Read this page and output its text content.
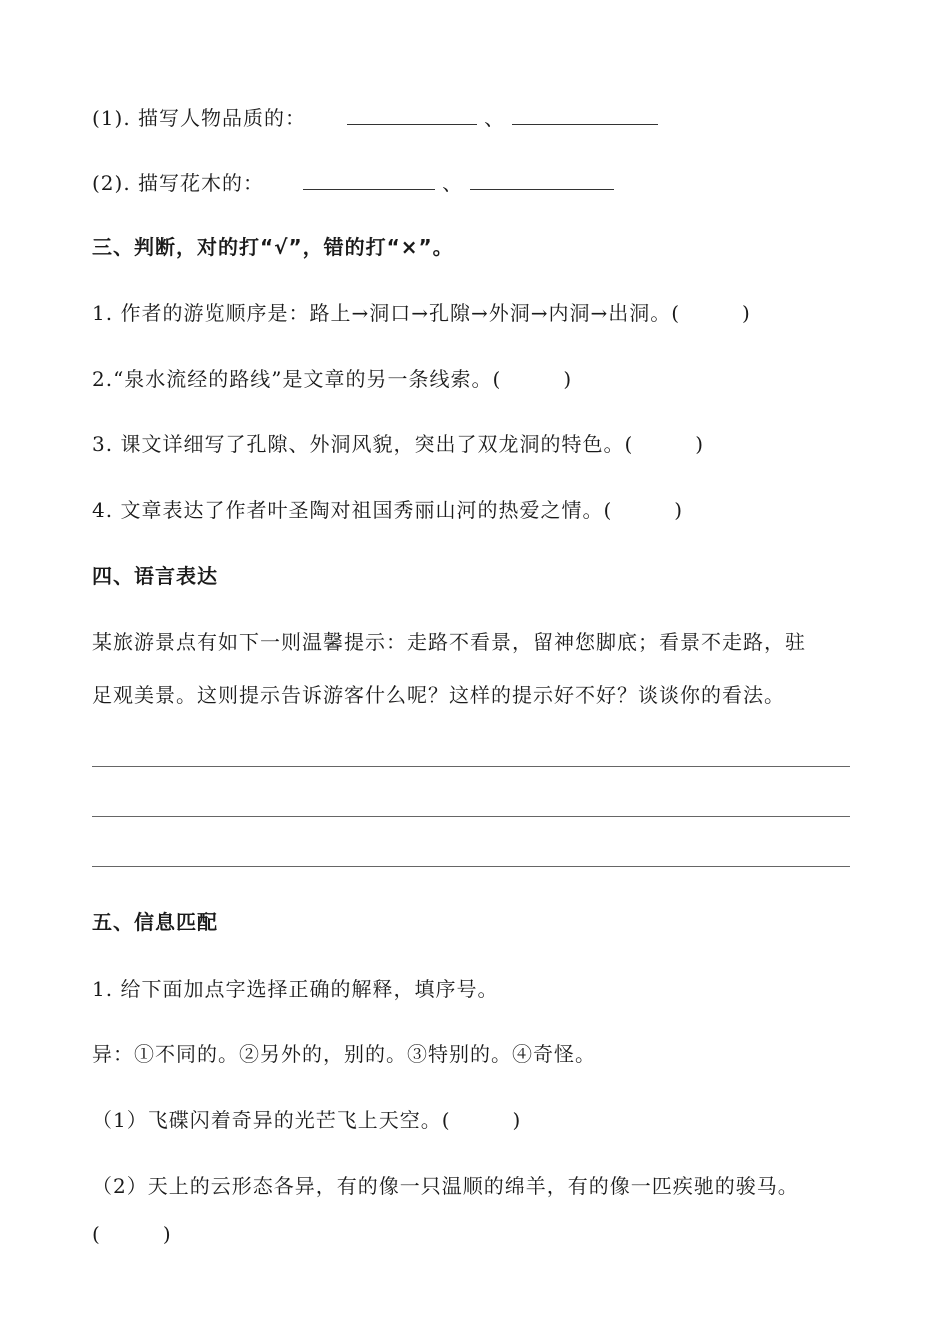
(1). 描写人物品质的：	、
(2). 描写花木的：	、
三、判断，对的打“√”，错的打“×”。
1. 作者的游览顺序是：路上→洞口→孔隙→外洞→内洞→出洞。(	)
2.“泉水流经的路线”是文章的另一条线索。(	)
3. 课文详细写了孔隙、外洞风貌，突出了双龙洞的特色。(	)
4. 文章表达了作者叶圣陶对祖国秀丽山河的热爱之情。(	)
四、语言表达
某旅游景点有如下一则温馨提示：走路不看景，留神您脚底；看景不走路，驻
足观美景。这则提示告诉游客什么呢？这样的提示好不好？谈谈你的看法。
五、信息匹配
1. 给下面加点字选择正确的解释，填序号。
异：①不同的。②另外的，别的。③特别的。④奇怪。
（1）飞碟闪着奇异的光芒飞上天空。(	)
（2）天上的云形态各异，有的像一只温顺的绵羊，有的像一匹疾驰的骏马。
(	)
